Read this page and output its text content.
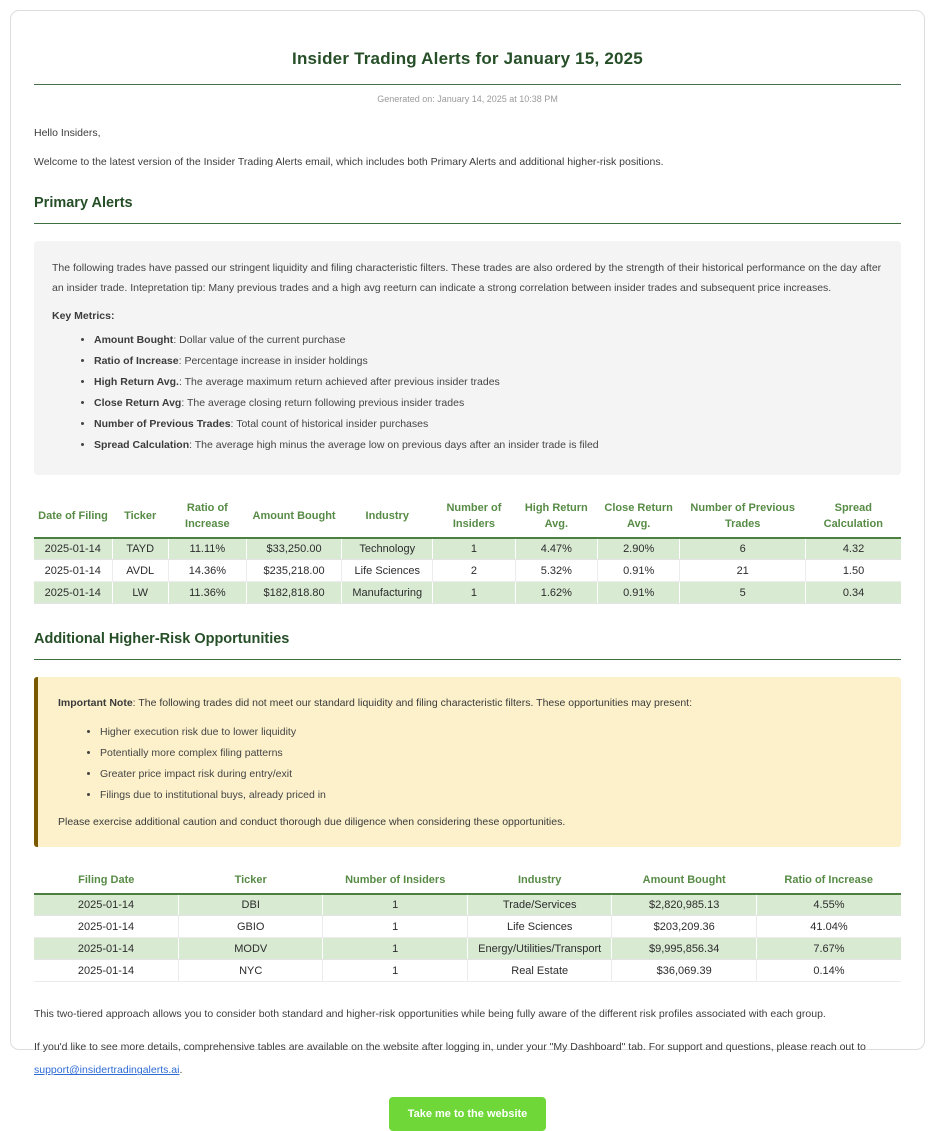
Insider Trading Alerts for January 15, 2025
Generated on: January 14, 2025 at 10:38 PM

Hello Insiders,

Welcome to the latest version of the Insider Trading Alerts email, which includes both Primary Alerts and additional higher-risk positions.

Primary Alerts
The following trades have passed our stringent liquidity and filing characteristic filters. These trades are also ordered by the strength of their historical performance on the day after an insider trade. Intepretation tip: Many previous trades and a high avg reeturn can indicate a strong correlation between insider trades and subsequent price increases.
Key Metrics:
• Amount Bought: Dollar value of the current purchase
• Ratio of Increase: Percentage increase in insider holdings
• High Return Avg.: The average maximum return achieved after previous insider trades
• Close Return Avg: The average closing return following previous insider trades
• Number of Previous Trades: Total count of historical insider purchases
• Spread Calculation: The average high minus the average low on previous days after an insider trade is filed
Date of Filing	Ticker	Ratio of Increase	Amount Bought	Industry	Number of Insiders	High Return Avg.	Close Return Avg.	Number of Previous Trades	Spread Calculation
2025-01-14	TAYD	11.11%	$33,250.00	Technology	1	4.47%	2.90%	6	4.32
2025-01-14	AVDL	14.36%	$235,218.00	Life Sciences	2	5.32%	0.91%	21	1.50
2025-01-14	LW	11.36%	$182,818.80	Manufacturing	1	1.62%	0.91%	5	0.34
Additional Higher-Risk Opportunities
Important Note: The following trades did not meet our standard liquidity and filing characteristic filters. These opportunities may present:
• Higher execution risk due to lower liquidity
• Potentially more complex filing patterns
• Greater price impact risk during entry/exit
• Filings due to institutional buys, already priced in
Please exercise additional caution and conduct thorough due diligence when considering these opportunities.
Filing Date	Ticker	Number of Insiders	Industry	Amount Bought	Ratio of Increase
2025-01-14	DBI	1	Trade/Services	$2,820,985.13	4.55%
2025-01-14	GBIO	1	Life Sciences	$203,209.36	41.04%
2025-01-14	MODV	1	Energy/Utilities/Transport	$9,995,856.34	7.67%
2025-01-14	NYC	1	Real Estate	$36,069.39	0.14%

This two-tiered approach allows you to consider both standard and higher-risk opportunities while being fully aware of the different risk profiles associated with each group.

If you'd like to see more details, comprehensive tables are available on the website after logging in, under your "My Dashboard" tab. For support and questions, please reach out to support@insidertradingalerts.ai.

Take me to the website
